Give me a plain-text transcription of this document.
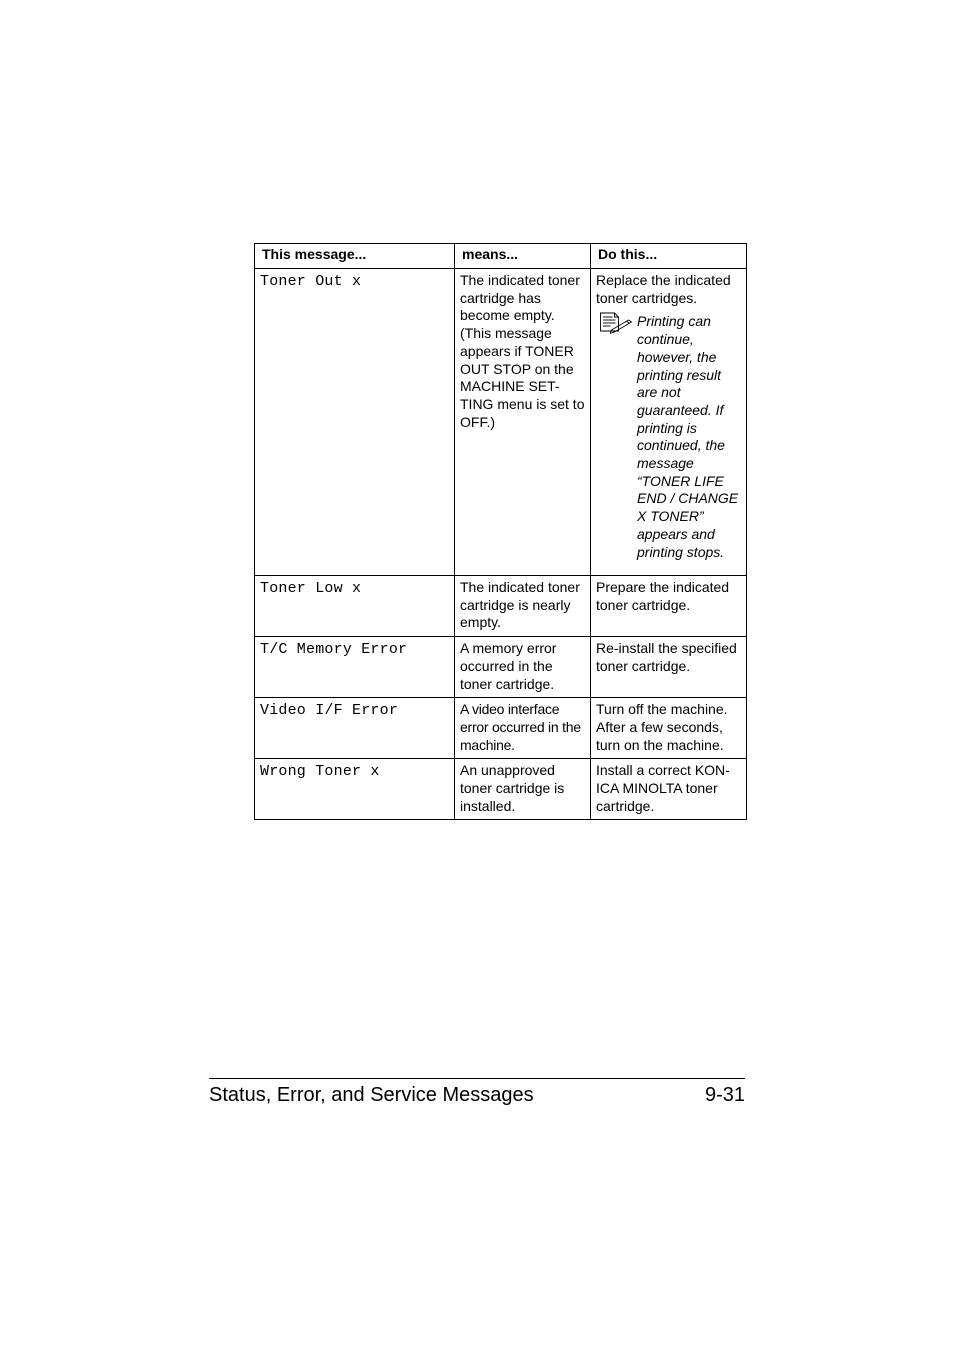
This message...	means...	Do this...
Toner Out x	The indicated toner cartridge has become empty. (This message appears if TONER OUT STOP on the MACHINE SET-TING menu is set to OFF.)	Replace the indicated toner cartridges.
Printing can continue, however, the printing result are not guaranteed. If printing is continued, the message “TONER LIFE END / CHANGE X TONER” appears and printing stops.

Toner Low x	The indicated toner cartridge is nearly empty.	Prepare the indicated toner cartridge.
T/C Memory Error	A memory error occurred in the toner cartridge.	Re-install the specified toner cartridge.
Video I/F Error	A video interface error occurred in the machine.	Turn off the machine. After a few seconds, turn on the machine.
Wrong Toner x	An unapproved toner cartridge is installed.	Install a correct KON-ICA MINOLTA toner cartridge.
Status, Error, and Service Messages	9-31
